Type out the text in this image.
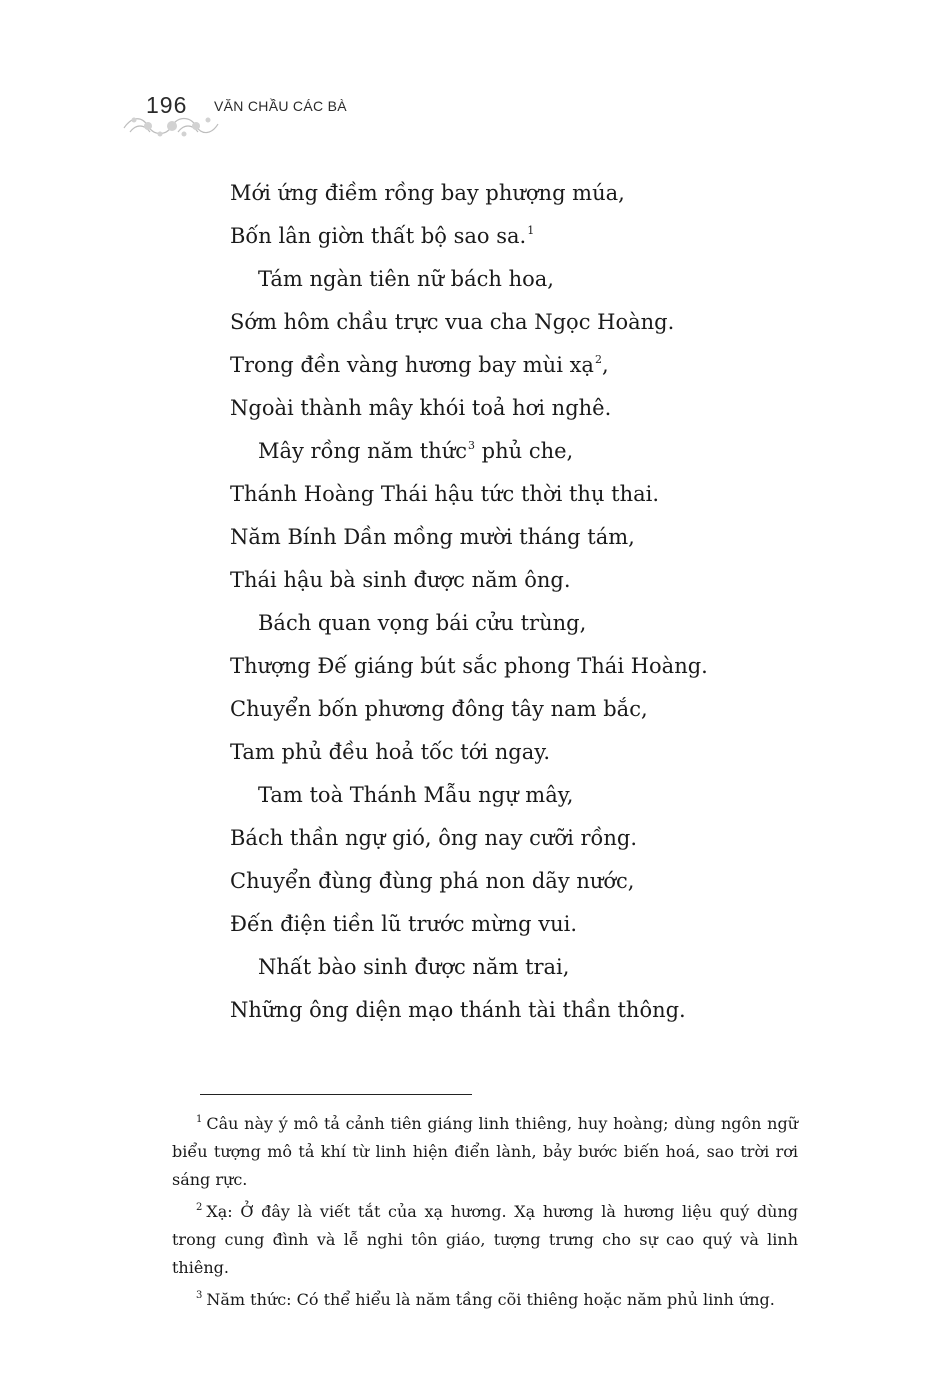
196 VĂN CHẦU CÁC BÀ
Mới ứng điềm rồng bay phượng múa,
Bốn lân giờn thất bộ sao sa.$^1$
Tám ngàn tiên nữ bách hoa,
Sớm hôm chầu trực vua cha Ngọc Hoàng.
Trong đền vàng hương bay mùi xạ$^2$,
Ngoài thành mây khói toả hơi nghê.
Mây rồng năm thức$^3$ phủ che,
Thánh Hoàng Thái hậu tức thời thụ thai.
Năm Bính Dần mồng mười tháng tám,
Thái hậu bà sinh được năm ông.
Bách quan vọng bái cửu trùng,
Thượng Đế giáng bút sắc phong Thái Hoàng.
Chuyển bốn phương đông tây nam bắc,
Tam phủ đều hoả tốc tới ngay.
Tam toà Thánh Mẫu ngự mây,
Bách thần ngự gió, ông nay cưỡi rồng.
Chuyển đùng đùng phá non dãy nước,
Đến điện tiền lũ trước mừng vui.
Nhất bào sinh được năm trai,
Những ông diện mạo thánh tài thần thông.

$^1$ Câu này ý mô tả cảnh tiên giáng linh thiêng, huy hoàng; dùng ngôn ngữ biểu tượng mô tả khí từ linh hiện điển lành, bảy bước biến hoá, sao trời rơi sáng rực.

$^2$ Xạ: Ở đây là viết tắt của xạ hương. Xạ hương là hương liệu quý dùng trong cung đình và lễ nghi tôn giáo, tượng trưng cho sự cao quý và linh thiêng.

$^3$ Năm thức: Có thể hiểu là năm tầng cõi thiêng hoặc năm phủ linh ứng.
